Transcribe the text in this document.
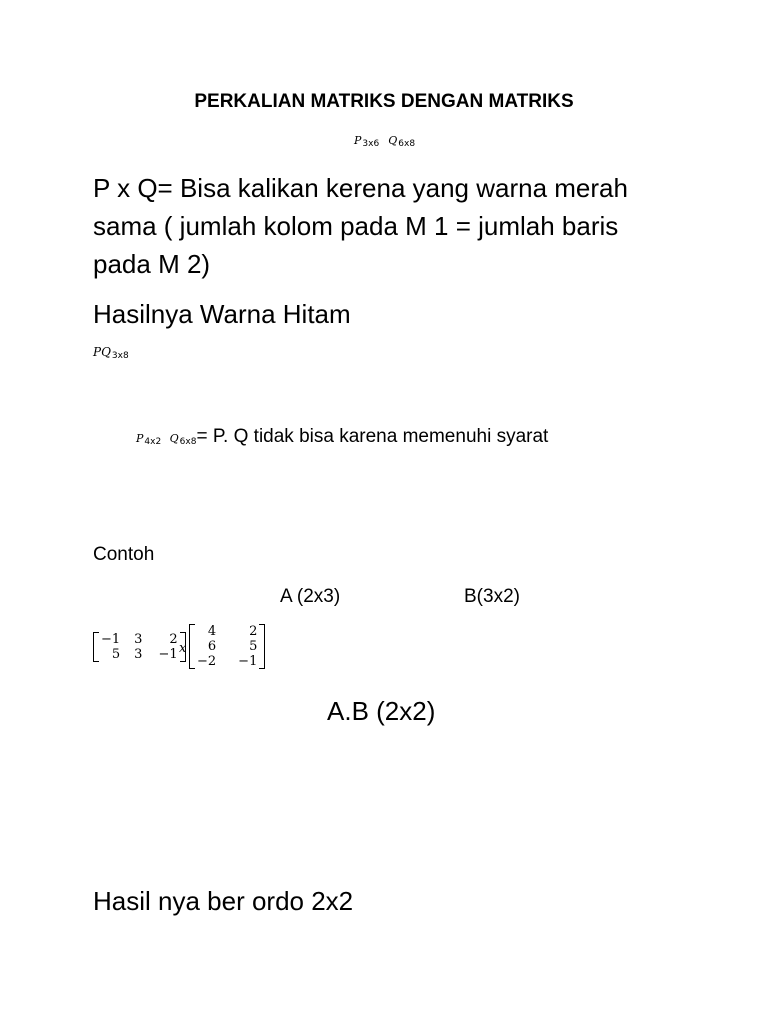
PERKALIAN MATRIKS DENGAN MATRIKS
$P_{3x6}$ $Q_{6x8}$
P x Q= Bisa kalikan kerena yang warna merah
sama ( jumlah kolom pada M 1 = jumlah baris
pada M 2)
Hasilnya Warna Hitam
$PQ_{3x8}$
$P_{4x2}$ $Q_{6x8}= P$. Q tidak bisa karena memenuhi syarat
Contoh
A (2x3)	B(3x2)
−1	3	2
5	3	−1 x
4	2
6	5
−2	−1
A.B (2x2)
Hasil nya ber ordo 2x2
